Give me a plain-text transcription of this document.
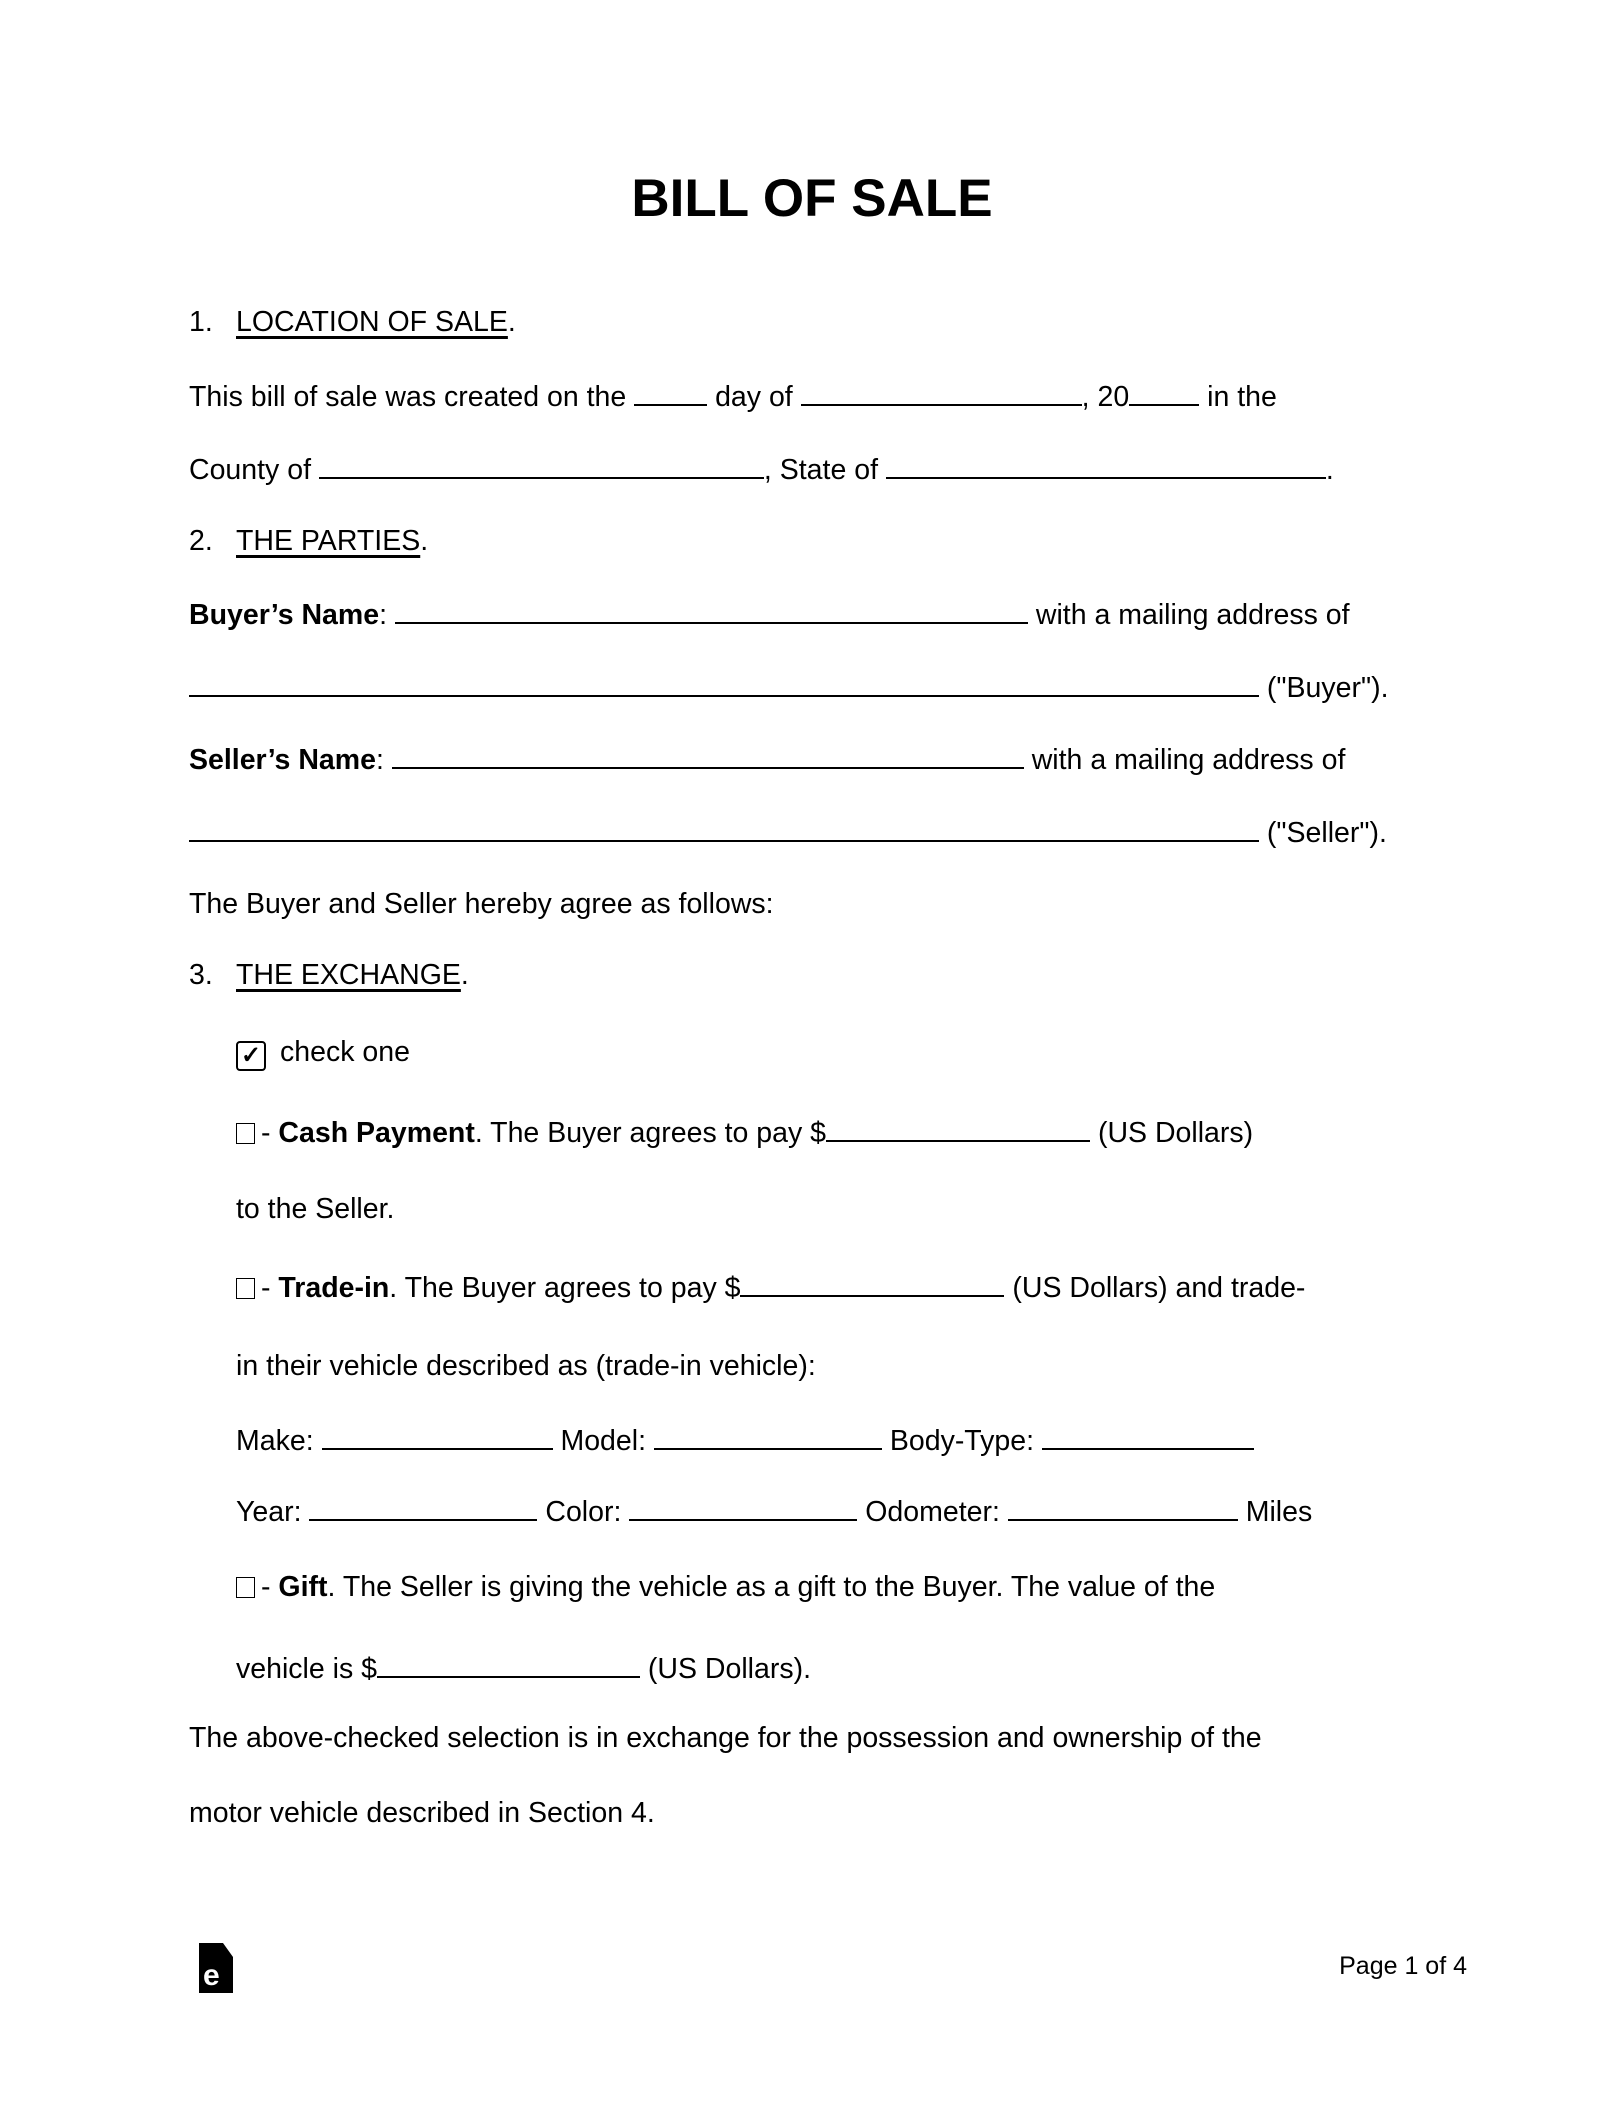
BILL OF SALE
1. LOCATION OF SALE.
This bill of sale was created on the	day of	, 20	in the
County of	, State of	.
2. THE PARTIES.
Buyer’s Name:	with a mailing address of
("Buyer").
Seller’s Name:	with a mailing address of
("Seller").
The Buyer and Seller hereby agree as follows:
3. THE EXCHANGE.
✓ check one
- Cash Payment. The Buyer agrees to pay $	(US Dollars)
to the Seller.
- Trade-in. The Buyer agrees to pay $	(US Dollars) and trade-
in their vehicle described as (trade-in vehicle):
Make:	Model:	Body-Type:
Year:	Color:	Odometer:	Miles
- Gift. The Seller is giving the vehicle as a gift to the Buyer. The value of the
vehicle is $	(US Dollars).
The above-checked selection is in exchange for the possession and ownership of the
motor vehicle described in Section 4.
e	Page 1 of 4
